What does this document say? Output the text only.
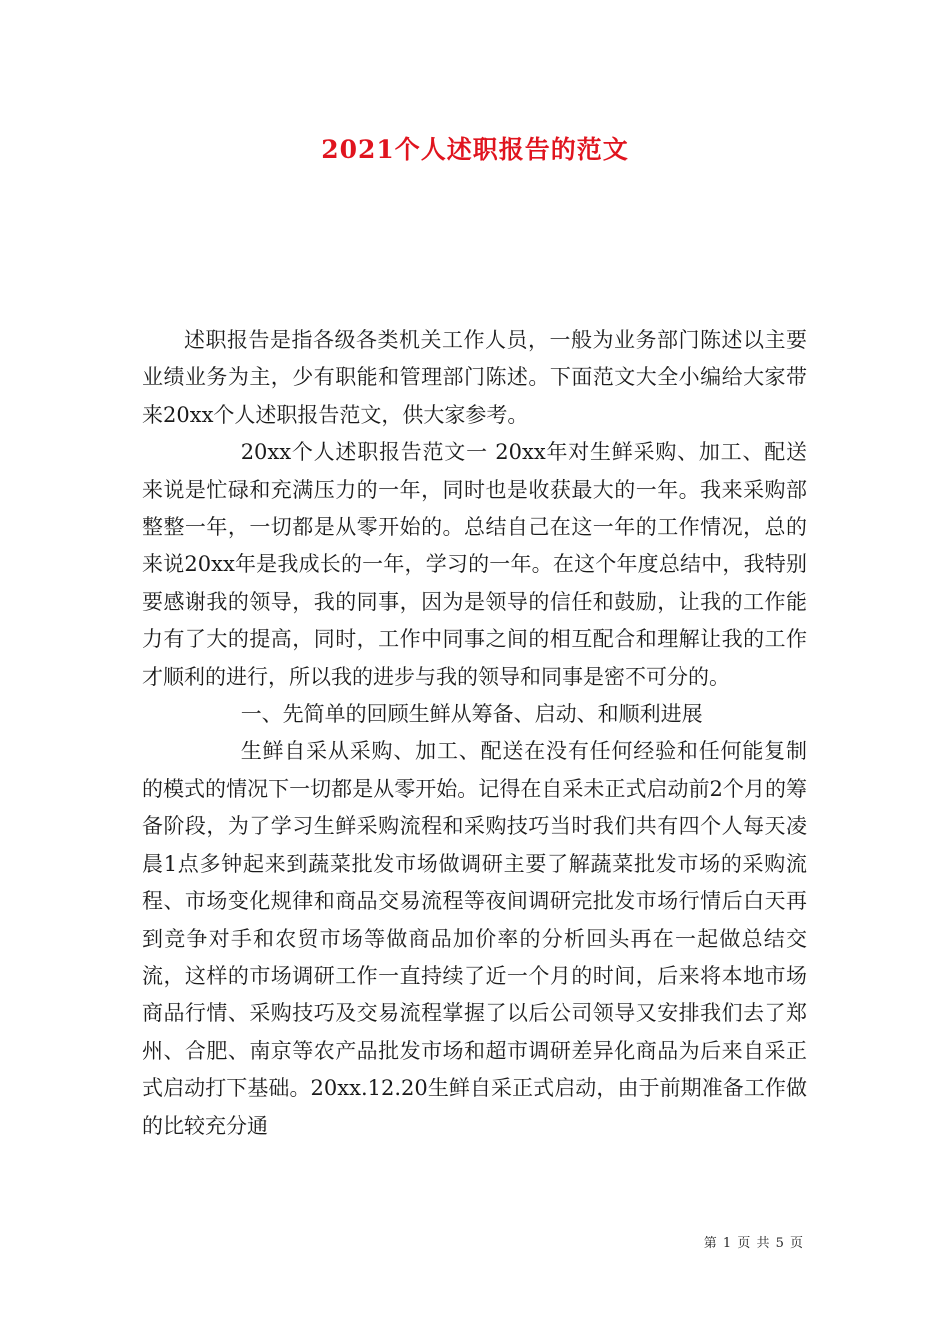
2021个人述职报告的范文

述职报告是指各级各类机关工作人员，一般为业务部门陈述以主要业绩业务为主，少有职能和管理部门陈述。下面范文大全小编给大家带来20xx个人述职报告范文，供大家参考。

20xx个人述职报告范文一 20xx年对生鲜采购、加工、配送来说是忙碌和充满压力的一年，同时也是收获最大的一年。我来采购部整整一年，一切都是从零开始的。总结自己在这一年的工作情况，总的来说20xx年是我成长的一年，学习的一年。在这个年度总结中，我特别要感谢我的领导，我的同事，因为是领导的信任和鼓励，让我的工作能力有了大的提高，同时，工作中同事之间的相互配合和理解让我的工作才顺利的进行，所以我的进步与我的领导和同事是密不可分的。

一、先简单的回顾生鲜从筹备、启动、和顺利进展

生鲜自采从采购、加工、配送在没有任何经验和任何能复制的模式的情况下一切都是从零开始。记得在自采未正式启动前2个月的筹备阶段，为了学习生鲜采购流程和采购技巧当时我们共有四个人每天凌晨1点多钟起来到蔬菜批发市场做调研主要了解蔬菜批发市场的采购流程、市场变化规律和商品交易流程等夜间调研完批发市场行情后白天再到竞争对手和农贸市场等做商品加价率的分析回头再在一起做总结交流，这样的市场调研工作一直持续了近一个月的时间，后来将本地市场商品行情、采购技巧及交易流程掌握了以后公司领导又安排我们去了郑州、合肥、南京等农产品批发市场和超市调研差异化商品为后来自采正式启动打下基础。20xx.12.20生鲜自采正式启动，由于前期准备工作做的比较充分通

第 1 页 共 5 页
